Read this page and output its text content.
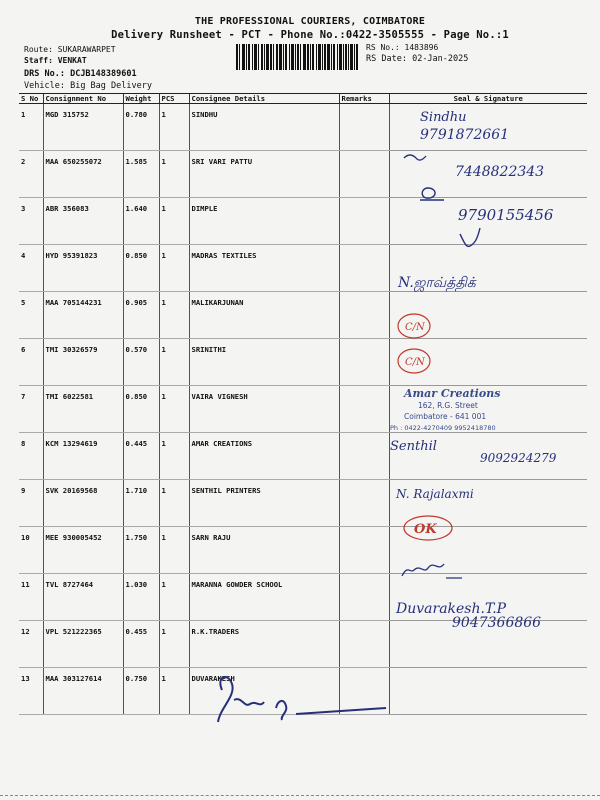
THE PROFESSIONAL COURIERS, COIMBATORE
Delivery Runsheet - PCT - Phone No.:0422-3505555 - Page No.:1
Route: SUKARAWARPET
Staff: VENKAT
DRS No.: DCJB148389601
Vehicle: Big Bag Delivery
RS No.: 1483896
RS Date: 02-Jan-2025
S No	Consignment No	Weight	PCS	Consignee Details	Remarks	Seal & Signature
1	MGD 315752	0.780	1	SINDHU		
2	MAA 650255072	1.585	1	SRI VARI PATTU		
3	ABR 356083	1.640	1	DIMPLE		
4	HYD 95391823	0.850	1	MADRAS TEXTILES		
5	MAA 705144231	0.905	1	MALIKARJUNAN		
6	TMI 30326579	0.570	1	SRINITHI		
7	TMI 6022581	0.850	1	VAIRA VIGNESH		
8	KCM 13294619	0.445	1	AMAR CREATIONS		
9	SVK 20169568	1.710	1	SENTHIL PRINTERS		
10	MEE 930005452	1.750	1	SARN RAJU		
11	TVL 8727464	1.030	1	MARANNA GOWDER SCHOOL		
12	VPL 521222365	0.455	1	R.K.TRADERS		
13	MAA 303127614	0.750	1	DUVARAKESH		
Sindhu
9791872661
7448822343
9790155456
N.ஜாவ்த்திக்
C/N
C/N
Amar Creations
162, R.G. Street
Coimbatore - 641 001
Ph : 0422-4270409 9952418780
Senthil
9092924279
N. Rajalaxmi
OK
Duvarakesh.T.P
9047366866
